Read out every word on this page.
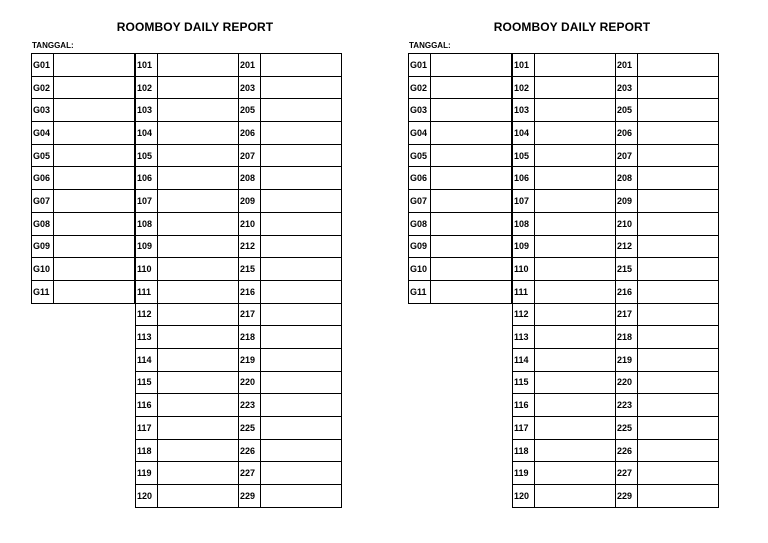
ROOMBOY DAILY REPORT
TANGGAL:
G01
G02
G03
G04
G05
G06
G07
G08
G09
G10
G11
101
102
103
104
105
106
107
108
109
110
111
112
113
114
115
116
117
118
119
120
201
203
205
206
207
208
209
210
212
215
216
217
218
219
220
223
225
226
227
229
ROOMBOY DAILY REPORT
TANGGAL:
G01
G02
G03
G04
G05
G06
G07
G08
G09
G10
G11
101
102
103
104
105
106
107
108
109
110
111
112
113
114
115
116
117
118
119
120
201
203
205
206
207
208
209
210
212
215
216
217
218
219
220
223
225
226
227
229
